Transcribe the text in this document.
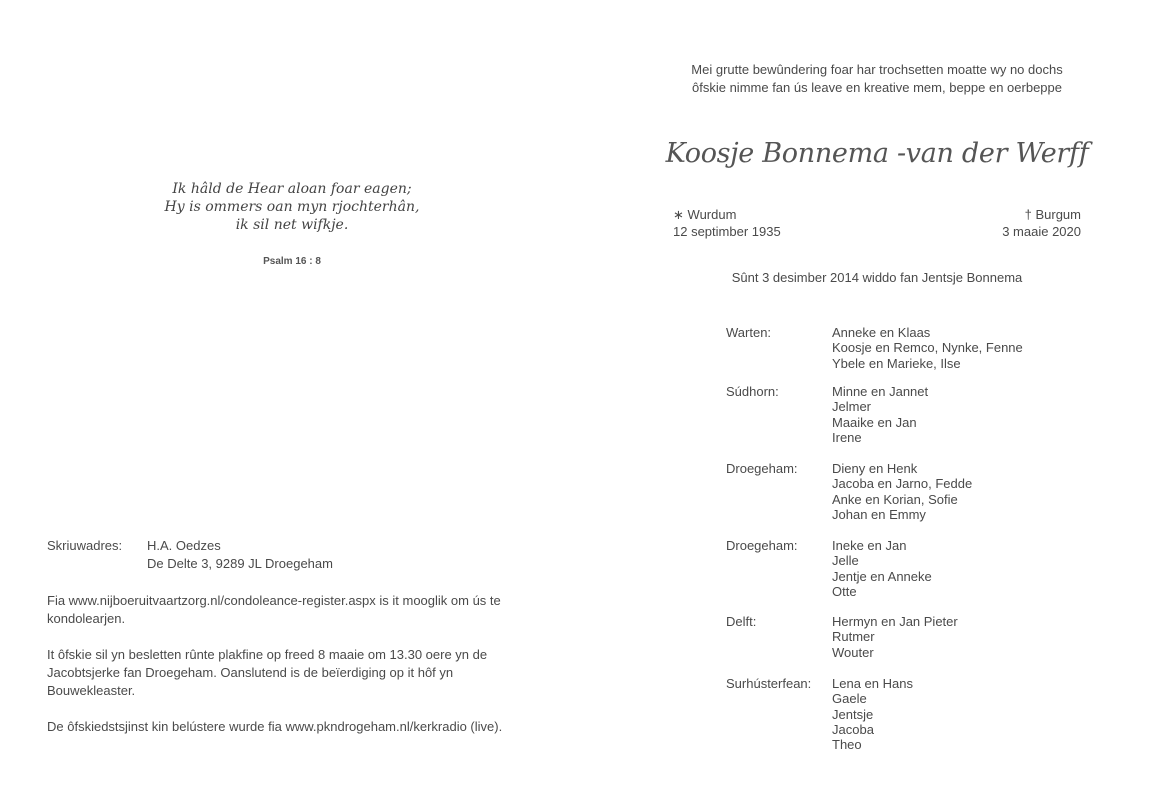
Ik hâld de Hear aloan foar eagen;
Hy is ommers oan myn rjochterhân,
ik sil net wifkje.
Psalm 16 : 8
Skriuwadres: H.A. Oedzes
De Delte 3, 9289 JL Droegeham
Fia www.nijboeruitvaartzorg.nl/condoleance-register.aspx is it mooglik om ús te kondolearjen.
It ôfskie sil yn besletten rûnte plakfine op freed 8 maaie om 13.30 oere yn de Jacobtsjerke fan Droegeham. Oanslutend is de beïerdiging op it hôf yn Bouwekleaster.
De ôfskiedstsjinst kin belústere wurde fia www.pkndrogeham.nl/kerkradio (live).
Mei grutte bewûndering foar har trochsetten moatte wy no dochs
ôfskie nimme fan ús leave en kreative mem, beppe en oerbeppe
Koosje Bonnema -van der Werff
∗ Wurdum
12 septimber 1935
† Burgum
3 maaie 2020
Sûnt 3 desimber 2014 widdo fan Jentsje Bonnema
Warten:	Anneke en Klaas
Koosje en Remco, Nynke, Fenne
Ybele en Marieke, Ilse
Súdhorn:	Minne en Jannet
Jelmer
Maaike en Jan
Irene
Droegeham:	Dieny en Henk
Jacoba en Jarno, Fedde
Anke en Korian, Sofie
Johan en Emmy
Droegeham:	Ineke en Jan
Jelle
Jentje en Anneke
Otte
Delft:	Hermyn en Jan Pieter
Rutmer
Wouter
Surhústerfean: Lena en Hans
Gaele
Jentsje
Jacoba
Theo
